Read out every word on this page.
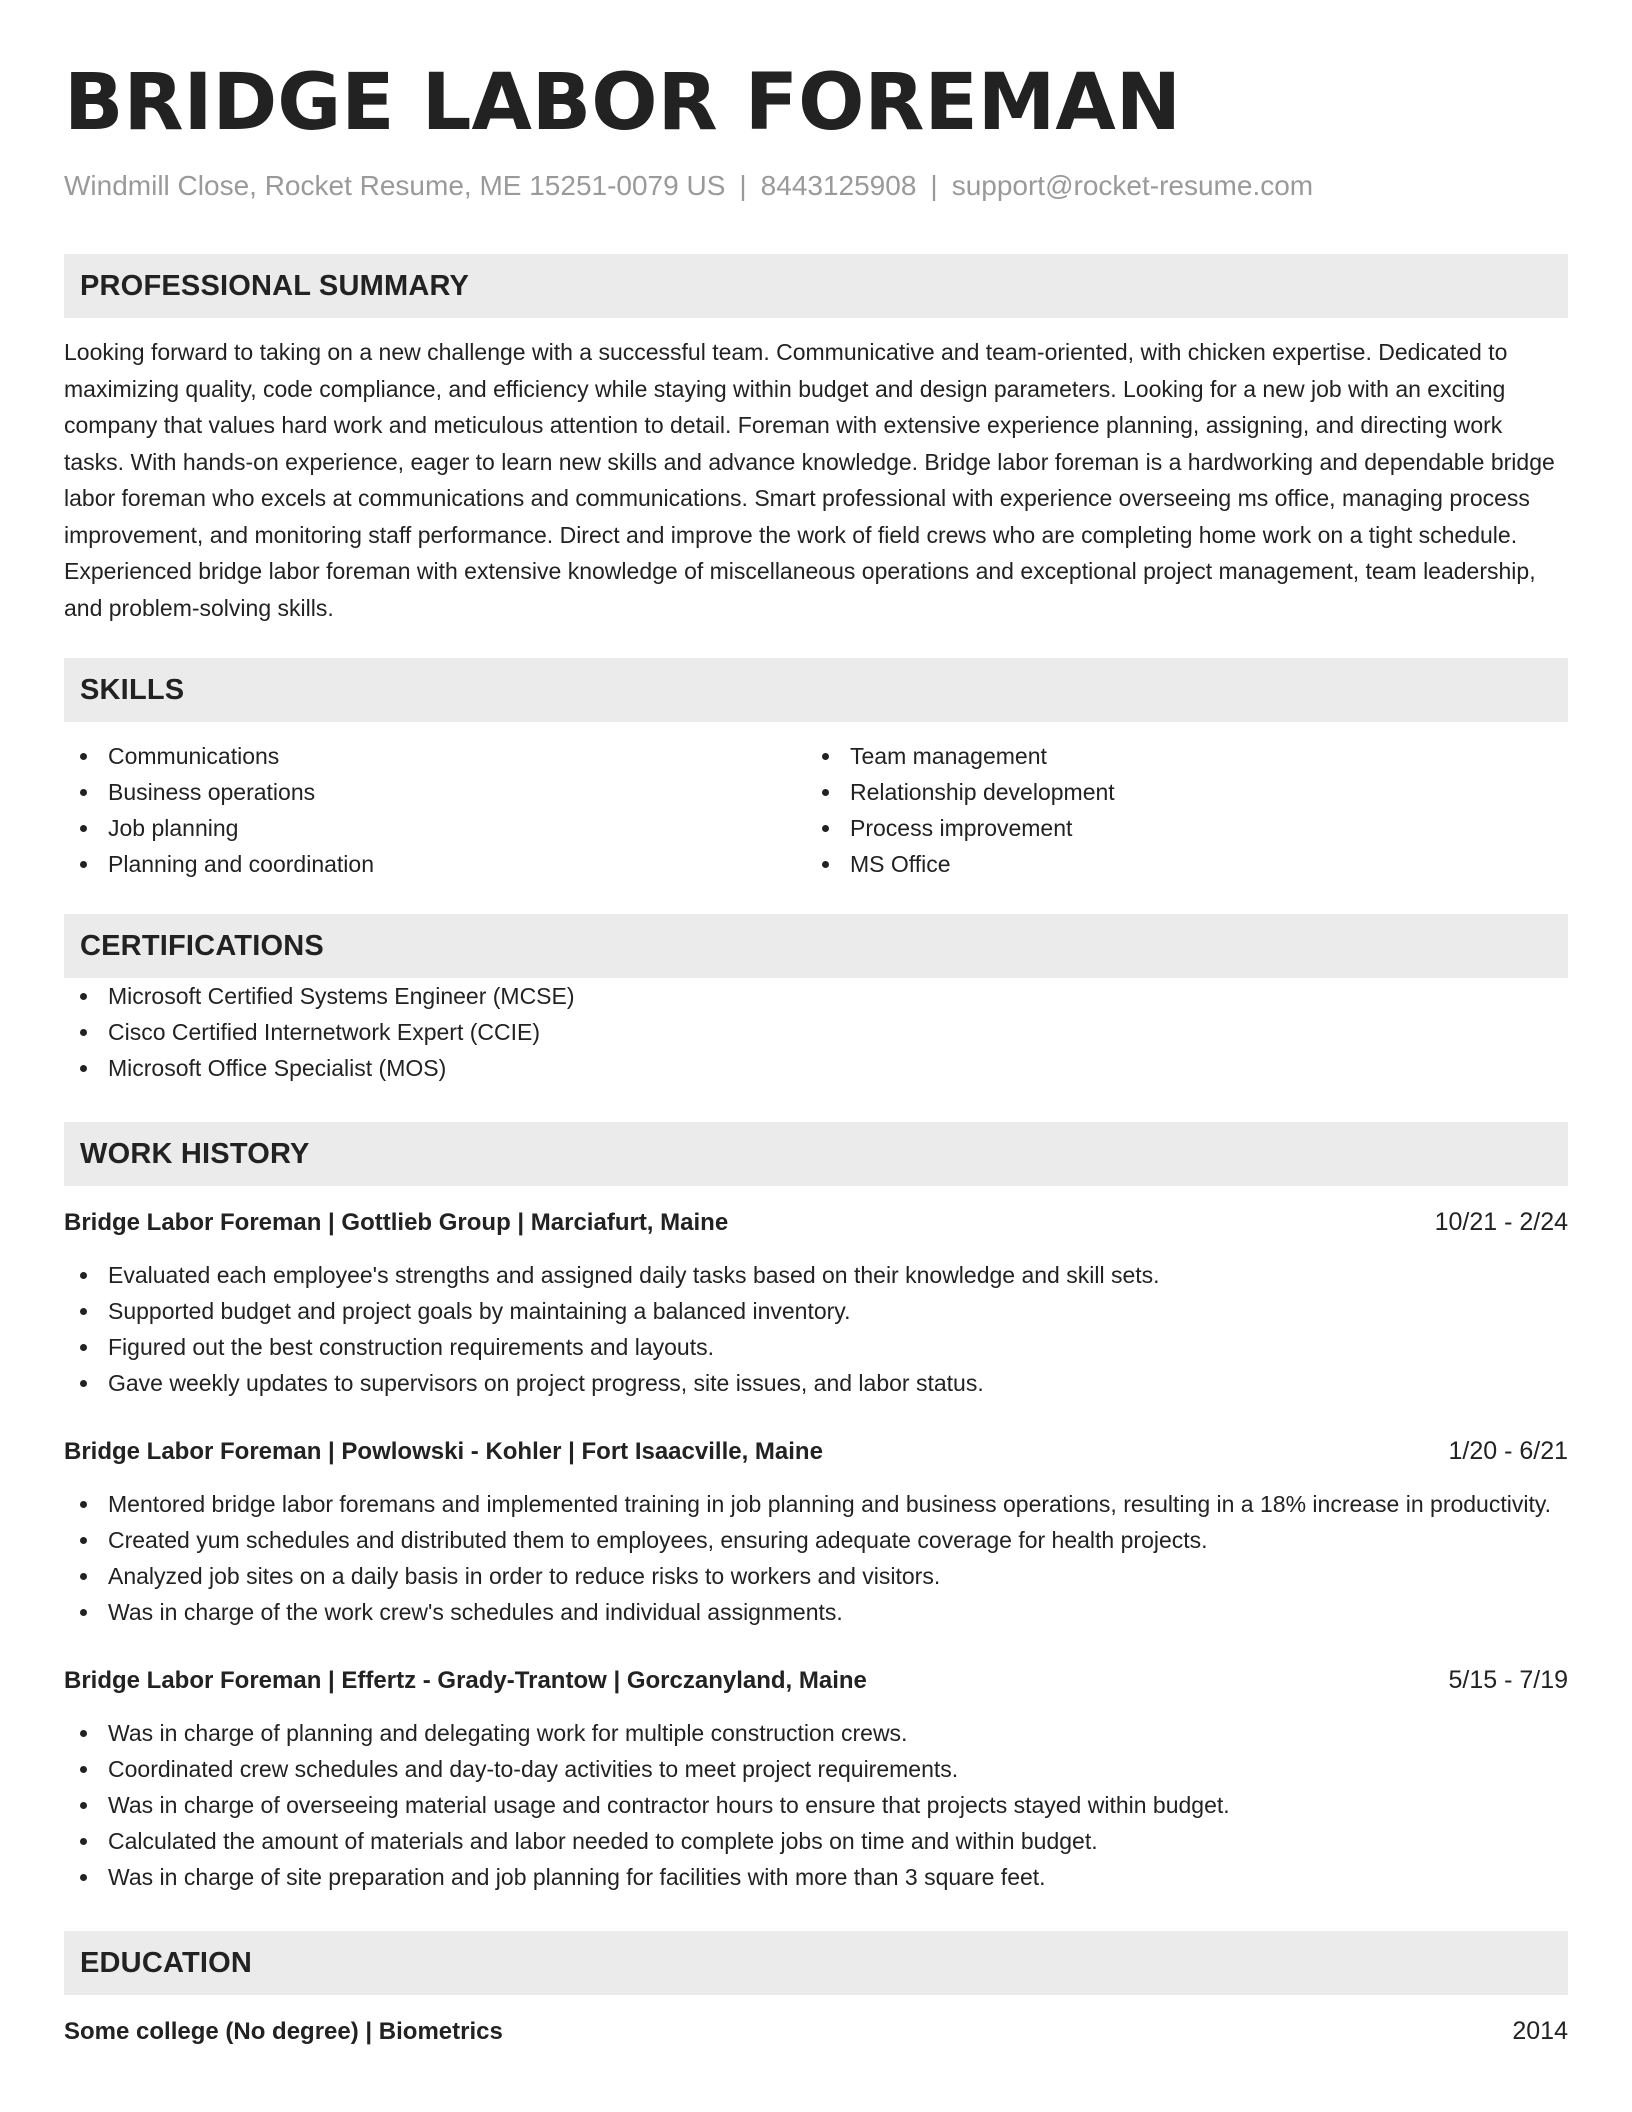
BRIDGE LABOR FOREMAN
Windmill Close, Rocket Resume, ME 15251-0079 US | 8443125908 | support@rocket-resume.com
PROFESSIONAL SUMMARY

Looking forward to taking on a new challenge with a successful team. Communicative and team-oriented, with chicken expertise. Dedicated to maximizing quality, code compliance, and efficiency while staying within budget and design parameters. Looking for a new job with an exciting company that values hard work and meticulous attention to detail. Foreman with extensive experience planning, assigning, and directing work tasks. With hands-on experience, eager to learn new skills and advance knowledge. Bridge labor foreman is a hardworking and dependable bridge labor foreman who excels at communications and communications. Smart professional with experience overseeing ms office, managing process improvement, and monitoring staff performance. Direct and improve the work of field crews who are completing home work on a tight schedule. Experienced bridge labor foreman with extensive knowledge of miscellaneous operations and exceptional project management, team leadership, and problem-solving skills.

SKILLS
Communications
Business operations
Job planning
Planning and coordination
Team management
Relationship development
Process improvement
MS Office
CERTIFICATIONS
Microsoft Certified Systems Engineer (MCSE)
Cisco Certified Internetwork Expert (CCIE)
Microsoft Office Specialist (MOS)
WORK HISTORY
Bridge Labor Foreman | Gottlieb Group | Marciafurt, Maine	10/21 - 2/24
Evaluated each employee's strengths and assigned daily tasks based on their knowledge and skill sets.
Supported budget and project goals by maintaining a balanced inventory.
Figured out the best construction requirements and layouts.
Gave weekly updates to supervisors on project progress, site issues, and labor status.
Bridge Labor Foreman | Powlowski - Kohler | Fort Isaacville, Maine	1/20 - 6/21
Mentored bridge labor foremans and implemented training in job planning and business operations, resulting in a 18% increase in productivity.
Created yum schedules and distributed them to employees, ensuring adequate coverage for health projects.
Analyzed job sites on a daily basis in order to reduce risks to workers and visitors.
Was in charge of the work crew's schedules and individual assignments.
Bridge Labor Foreman | Effertz - Grady-Trantow | Gorczanyland, Maine	5/15 - 7/19
Was in charge of planning and delegating work for multiple construction crews.
Coordinated crew schedules and day-to-day activities to meet project requirements.
Was in charge of overseeing material usage and contractor hours to ensure that projects stayed within budget.
Calculated the amount of materials and labor needed to complete jobs on time and within budget.
Was in charge of site preparation and job planning for facilities with more than 3 square feet.
EDUCATION
Some college (No degree) | Biometrics	2014
